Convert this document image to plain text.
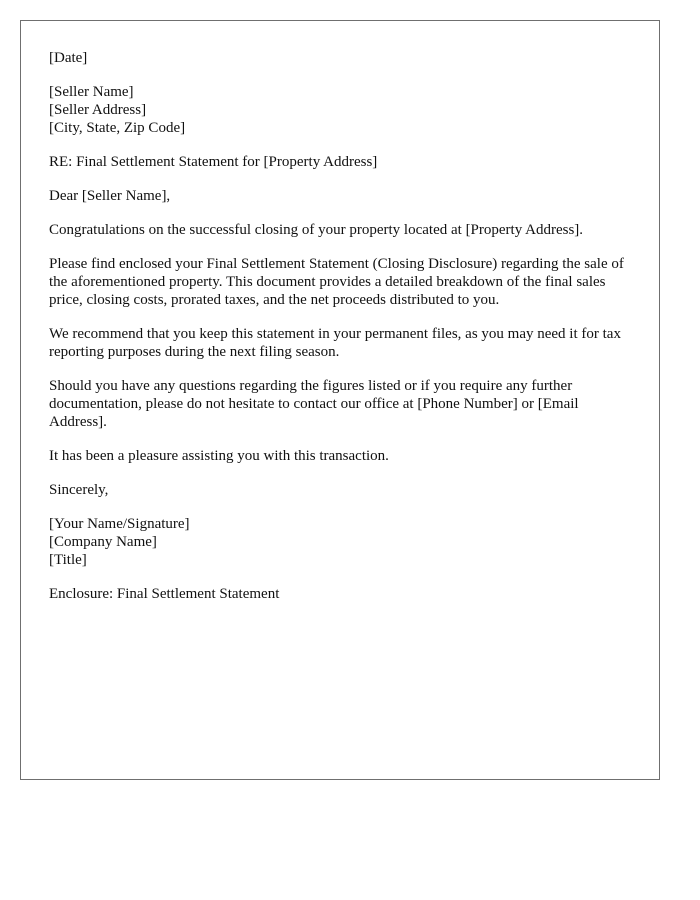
[Date]
[Seller Name]
[Seller Address]
[City, State, Zip Code]

RE: Final Settlement Statement for [Property Address]

Dear [Seller Name],

Congratulations on the successful closing of your property located at [Property Address].

Please find enclosed your Final Settlement Statement (Closing Disclosure) regarding the sale of the aforementioned property. This document provides a detailed breakdown of the final sales price, closing costs, prorated taxes, and the net proceeds distributed to you.

We recommend that you keep this statement in your permanent files, as you may need it for tax reporting purposes during the next filing season.

Should you have any questions regarding the figures listed or if you require any further documentation, please do not hesitate to contact our office at [Phone Number] or [Email Address].

It has been a pleasure assisting you with this transaction.

Sincerely,

[Your Name/Signature]
[Company Name]
[Title]

Enclosure: Final Settlement Statement
